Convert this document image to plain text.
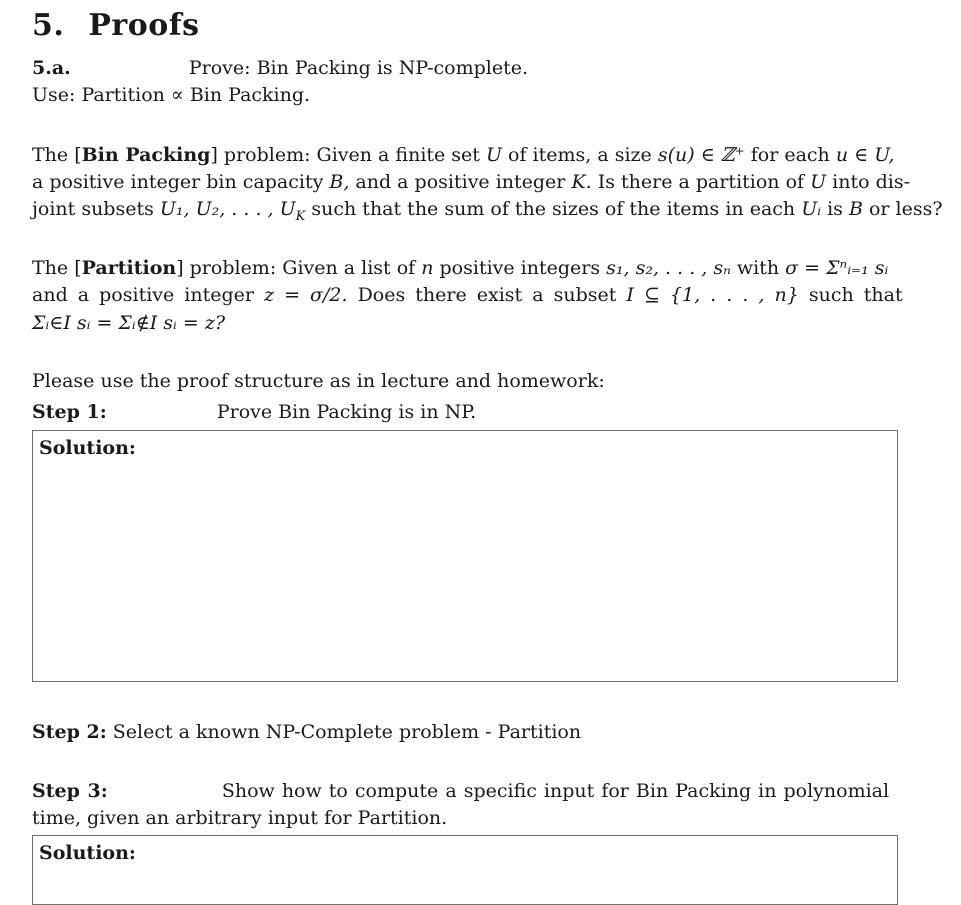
5. Proofs
5.a.	Prove: Bin Packing is NP-complete.
Use: Partition ∝ Bin Packing.
The [Bin Packing] problem: Given a finite set U of items, a size s(u) ∈ ℤ⁺ for each u ∈ U,
a positive integer bin capacity B, and a positive integer K. Is there a partition of U into dis-
joint subsets U₁, U₂, . . . , $U_K$ such that the sum of the sizes of the items in each Uᵢ is B or less?
The [Partition] problem: Given a list of n positive integers s₁, s₂, . . . , sₙ with σ = Σⁿᵢ₌₁ sᵢ
and a positive integer z = σ/2. Does there exist a subset I ⊆ {1, . . . , n} such that
Σᵢ∈I sᵢ = Σᵢ∉I sᵢ = z?
Please use the proof structure as in lecture and homework:
Step 1:	Prove Bin Packing is in NP.
Solution:
Step 2: Select a known NP-Complete problem - Partition
Step 3:	Show how to compute a specific input for Bin Packing in polynomial
time, given an arbitrary input for Partition.
Solution:
